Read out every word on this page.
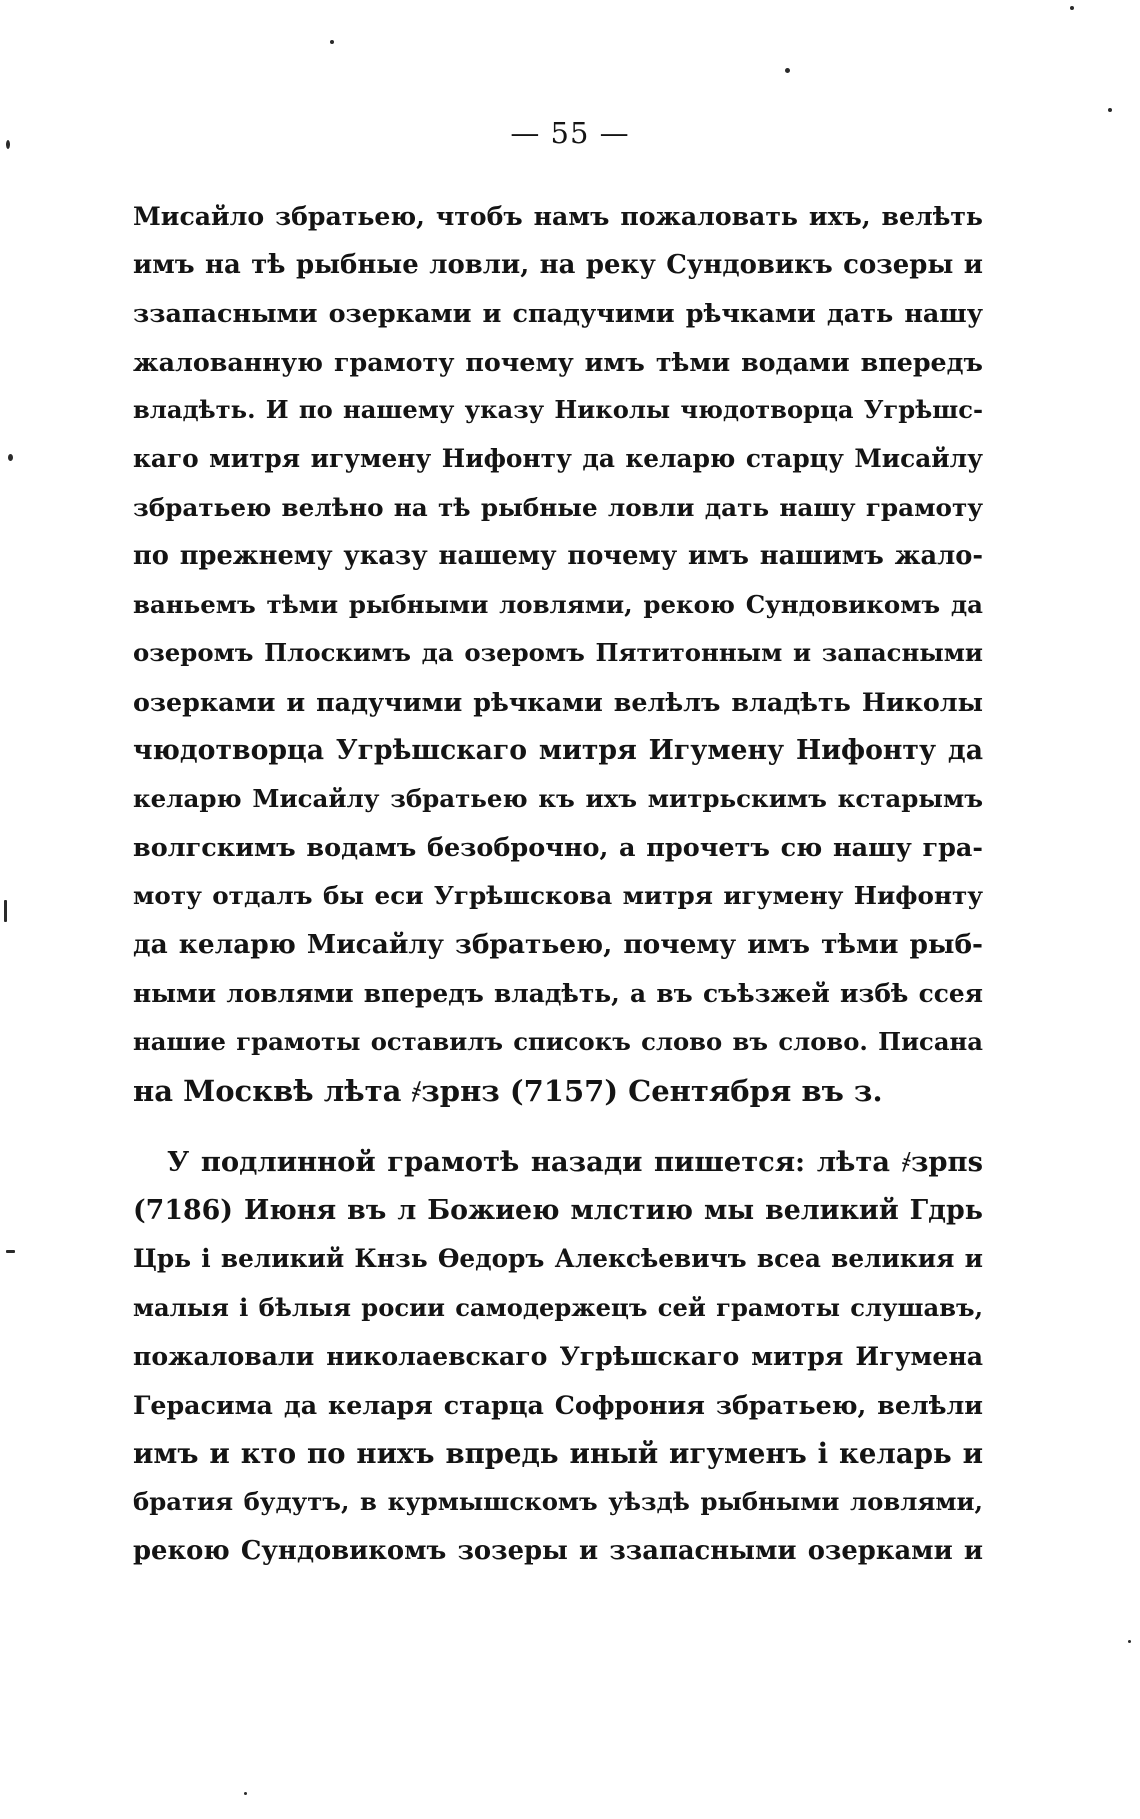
— 55 —
Мисайло збратьею, чтобъ намъ пожаловать ихъ, велѣть
имъ на тѣ рыбные ловли, на реку Сундовикъ созеры и
ззапасными озерками и спадучими рѣчками дать нашу
жалованную грамоту почему имъ тѣми водами впередъ
владѣть. И по нашему указу Николы чюдотворца Угрѣшс-
каго митря игумену Нифонту да келарю старцу Мисайлу
збратьею велѣно на тѣ рыбные ловли дать нашу грамоту
по прежнему указу нашему почему имъ нашимъ жало-
ваньемъ тѣми рыбными ловлями, рекою Сундовикомъ да
озеромъ Плоскимъ да озеромъ Пятитонным и запасными
озерками и падучими рѣчками велѣлъ владѣть Николы
чюдотворца Угрѣшскаго митря Игумену Нифонту да
келарю Мисайлу збратьею къ ихъ митрьскимъ кстарымъ
волгскимъ водамъ безоброчно, а прочетъ сю нашу гра-
моту отдалъ бы еси Угрѣшскова митря игумену Нифонту
да келарю Мисайлу збратьею, почему имъ тѣми рыб-
ными ловлями впередъ владѣть, а въ съѣзжей избѣ ссея
нашие грамоты оставилъ списокъ слово въ слово. Писана
на Москвѣ лѣта ҂зрнз (7157) Сентября въ з.
У подлинной грамотѣ назади пишется: лѣта ҂зрпѕ
(7186) Июня въ л Божиею млстию мы великий Гдрь
Црь і великий Кнзь Ѳедоръ Алексѣевичъ всеа великия и
малыя і бѣлыя росии самодержецъ сей грамоты слушавъ,
пожаловали николаевскаго Угрѣшскаго митря Игумена
Герасима да келаря старца Софрония збратьею, велѣли
имъ и кто по нихъ впредь иный игуменъ і келарь и
братия будутъ, в курмышскомъ уѣздѣ рыбными ловлями,
рекою Сундовикомъ зозеры и ззапасными озерками и
